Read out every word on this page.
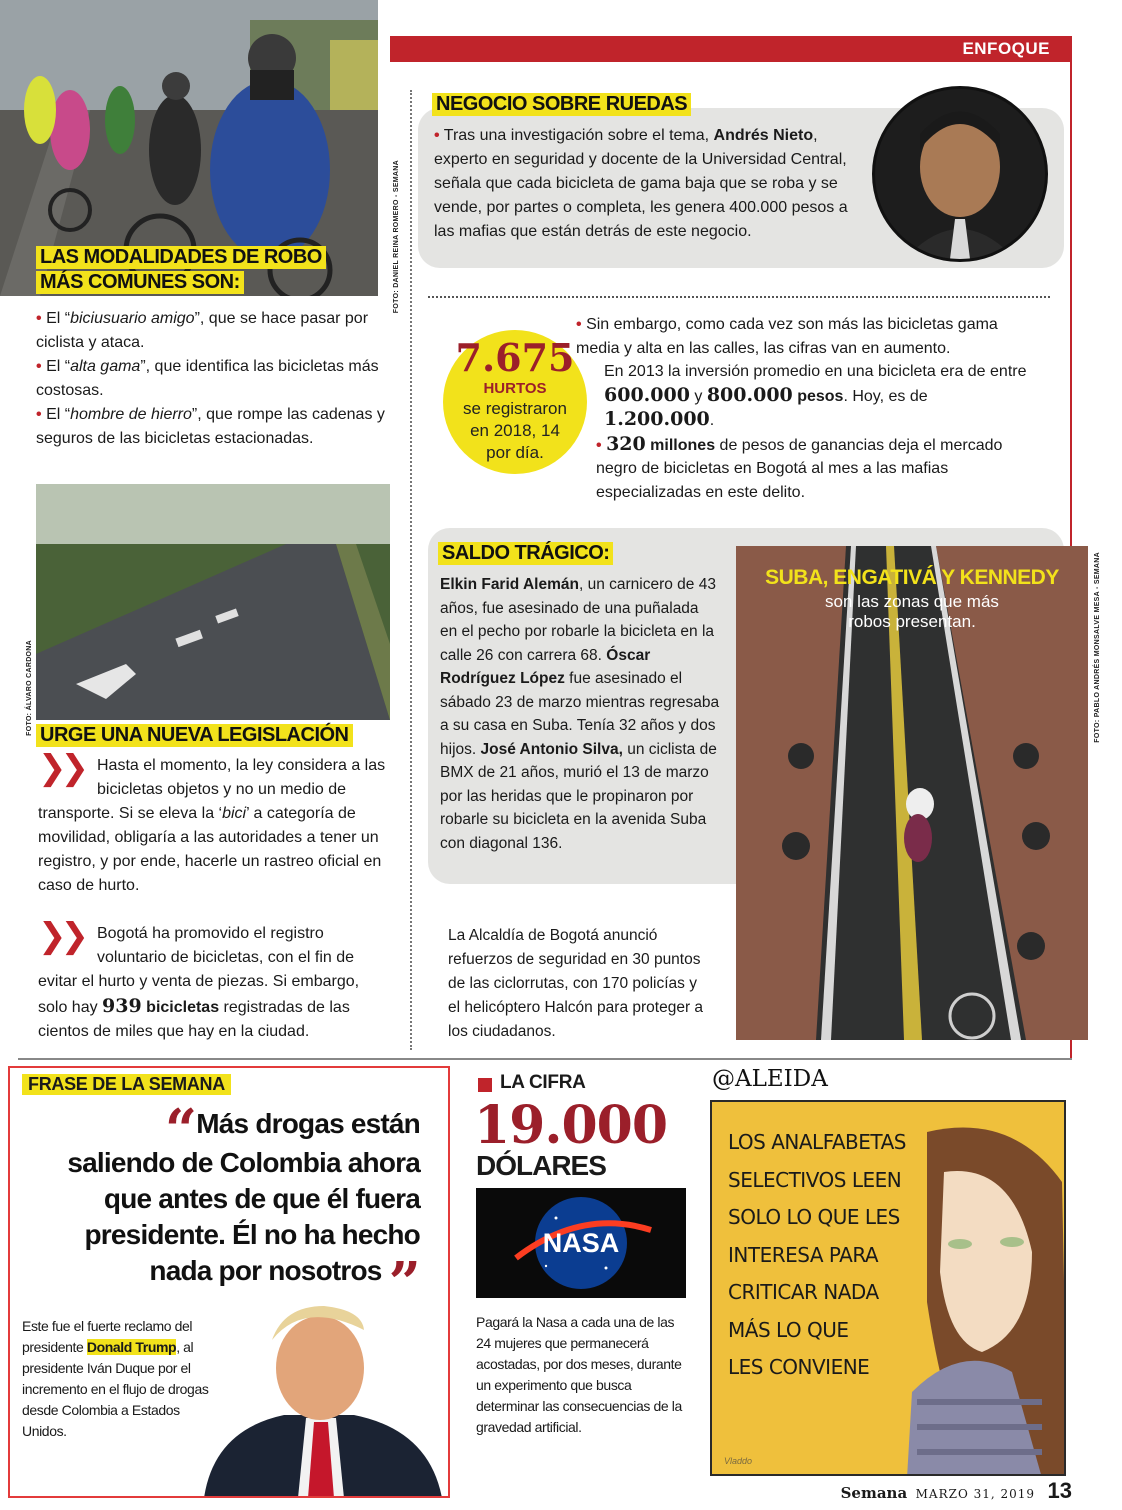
ENFOQUE
FOTO: DANIEL REINA ROMERO - SEMANA
LAS MODALIDADES DE ROBO
MÁS COMUNES SON:
• El “biciusuario amigo”, que se hace pasar por ciclista y ataca.
• El “alta gama”, que identifica las bicicletas más costosas.
• El “hombre de hierro”, que rompe las cadenas y seguros de las bicicletas estacionadas.
NEGOCIO SOBRE RUEDAS
• Tras una investigación sobre el tema, Andrés Nieto, experto en seguridad y docente de la Universidad Central, señala que cada bicicleta de gama baja que se roba y se vende, por partes o completa, les genera 400.000 pesos a las mafias que están detrás de este negocio.
7.675
HURTOS
se registraron
en 2018, 14
por día.
• Sin embargo, como cada vez son más las bicicletas gama media y alta en las calles, las cifras van en aumento.
En 2013 la inversión promedio en una bicicleta era de entre 600.000 y 800.000 pesos. Hoy, es de 1.200.000.
• 320 millones de pesos de ganancias deja el mercado negro de bicicletas en Bogotá al mes a las mafias especializadas en este delito.
SALDO TRÁGICO:
Elkin Farid Alemán, un carnicero de 43 años, fue asesinado de una puñalada en el pecho por robarle la bicicleta en la calle 26 con carrera 68. Óscar Rodríguez López fue asesinado el sábado 23 de marzo mientras regresaba a su casa en Suba. Tenía 32 años y dos hijos. José Antonio Silva, un ciclista de BMX de 21 años, murió el 13 de marzo por las heridas que le propinaron por robarle su bicicleta en la avenida Suba con diagonal 136.
SUBA, ENGATIVÁ Y KENNEDY
son las zonas que más
robos presentan.	FOTO: PABLO ANDRÉS MONSALVE MESA - SEMANA
FOTO: ÁLVARO CARDONA URGE UNA NUEVA LEGISLACIÓN
❯❯ Hasta el momento, la ley considera a las bicicletas objetos y no un medio de transporte. Si se eleva la ‘bici’ a categoría de movilidad, obligaría a las autoridades a tener un registro, y por ende, hacerle un rastreo oficial en caso de hurto.
❯❯ Bogotá ha promovido el registro voluntario de bicicletas, con el fin de evitar el hurto y venta de piezas. Si embargo, solo hay 939 bicicletas registradas de las cientos de miles que hay en la ciudad.
La Alcaldía de Bogotá anunció refuerzos de seguridad en 30 puntos de las ciclorrutas, con 170 policías y el helicóptero Halcón para proteger a los ciudadanos.
FRASE DE LA SEMANA
“Más drogas están
saliendo de Colombia ahora
que antes de que él fuera
presidente. Él no ha hecho
nada por nosotros ”
Este fue el fuerte reclamo del presidente Donald Trump, al presidente Iván Duque por el incremento en el flujo de drogas desde Colombia a Estados Unidos.
LA CIFRA
19.000
DÓLARES
NASA
Pagará la Nasa a cada una de las 24 mujeres que permanecerá acostadas, por dos meses, durante un experimento que busca determinar las consecuencias de la gravedad artificial.
@ALEIDA
LOS ANALFABETAS
SELECTIVOS LEEN
SOLO LO QUE LES
INTERESA PARA
CRITICAR NADA
MÁS LO QUE
LES CONVIENE
Vladdo
Semana MARZO 31, 2019 13
